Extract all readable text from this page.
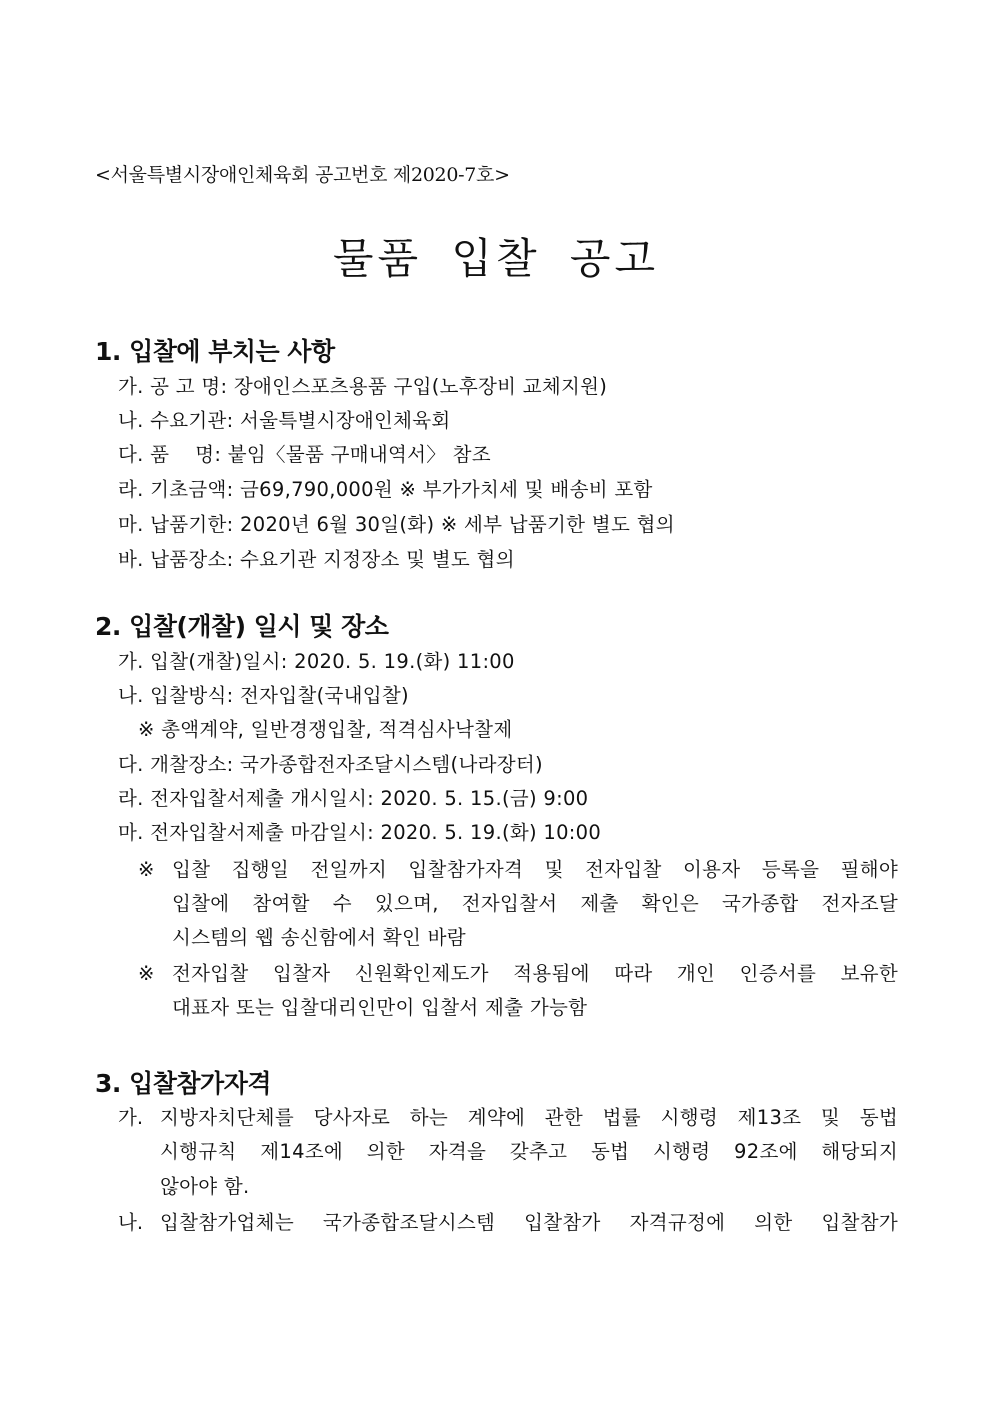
<서울특별시장애인체육회 공고번호 제2020-7호>
물품 입찰 공고
1. 입찰에 부치는 사항
가. 공 고 명: 장애인스포츠용품 구입(노후장비 교체지원)
나. 수요기관: 서울특별시장애인체육회
다. 품    명: 붙임〈물품 구매내역서〉 참조
라. 기초금액: 금69,790,000원 ※ 부가가치세 및 배송비 포함
마. 납품기한: 2020년 6월 30일(화) ※ 세부 납품기한 별도 협의
바. 납품장소: 수요기관 지정장소 및 별도 협의
2. 입찰(개찰) 일시 및 장소
가. 입찰(개찰)일시: 2020. 5. 19.(화) 11:00
나. 입찰방식: 전자입찰(국내입찰)
※ 총액계약, 일반경쟁입찰, 적격심사낙찰제
다. 개찰장소: 국가종합전자조달시스템(나라장터)
라. 전자입찰서제출 개시일시: 2020. 5. 15.(금) 9:00
마. 전자입찰서제출 마감일시: 2020. 5. 19.(화) 10:00
※ 입찰 집행일 전일까지 입찰참가자격 및 전자입찰 이용자 등록을 필해야
입찰에 참여할 수 있으며, 전자입찰서 제출 확인은 국가종합 전자조달
시스템의 웹 송신함에서 확인 바람
※ 전자입찰 입찰자 신원확인제도가 적용됨에 따라 개인 인증서를 보유한
대표자 또는 입찰대리인만이 입찰서 제출 가능함
3. 입찰참가자격
가. 지방자치단체를 당사자로 하는 계약에 관한 법률 시행령 제13조 및 동법
시행규칙 제14조에 의한 자격을 갖추고 동법 시행령 92조에 해당되지
않아야 함.
나. 입찰참가업체는 국가종합조달시스템 입찰참가 자격규정에 의한 입찰참가
